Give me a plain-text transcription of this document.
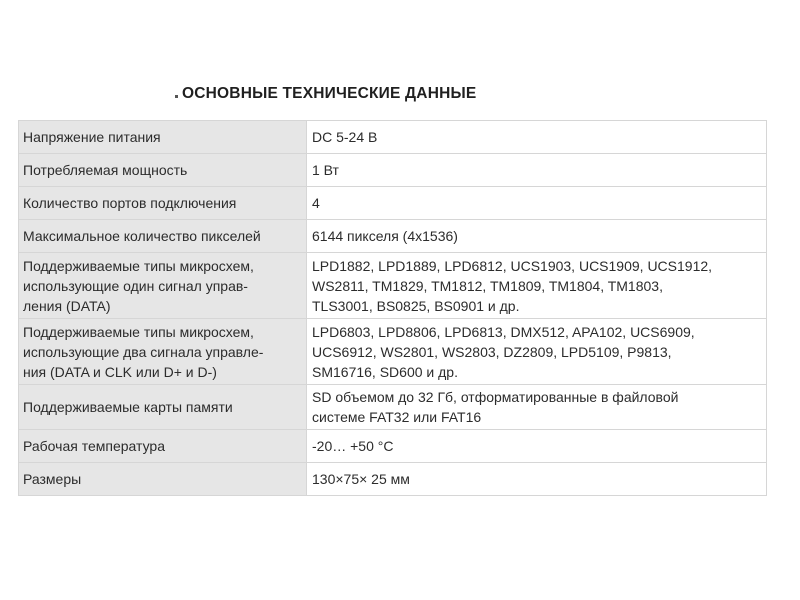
ОСНОВНЫЕ ТЕХНИЧЕСКИЕ ДАННЫЕ
Напряжение питания	DC 5-24 В
Потребляемая мощность	1 Вт
Количество портов подключения	4
Максимальное количество пикселей	6144 пикселя (4x1536)
Поддерживаемые типы микросхем,
использующие один сигнал управ-
ления (DATA)	LPD1882, LPD1889, LPD6812, UCS1903, UCS1909, UCS1912,
WS2811, TM1829, TM1812, TM1809, TM1804, TM1803,
TLS3001, BS0825, BS0901 и др.
Поддерживаемые типы микросхем,
использующие два сигнала управле-
ния (DATA и CLK или D+ и D-)	LPD6803, LPD8806, LPD6813, DMX512, APA102, UCS6909,
UCS6912, WS2801, WS2803, DZ2809, LPD5109, P9813,
SM16716, SD600 и др.
Поддерживаемые карты памяти	SD объемом до 32 Гб, отформатированные в файловой
системе FAT32 или FAT16
Рабочая температура	-20… +50 °C
Размеры	130×75× 25 мм
